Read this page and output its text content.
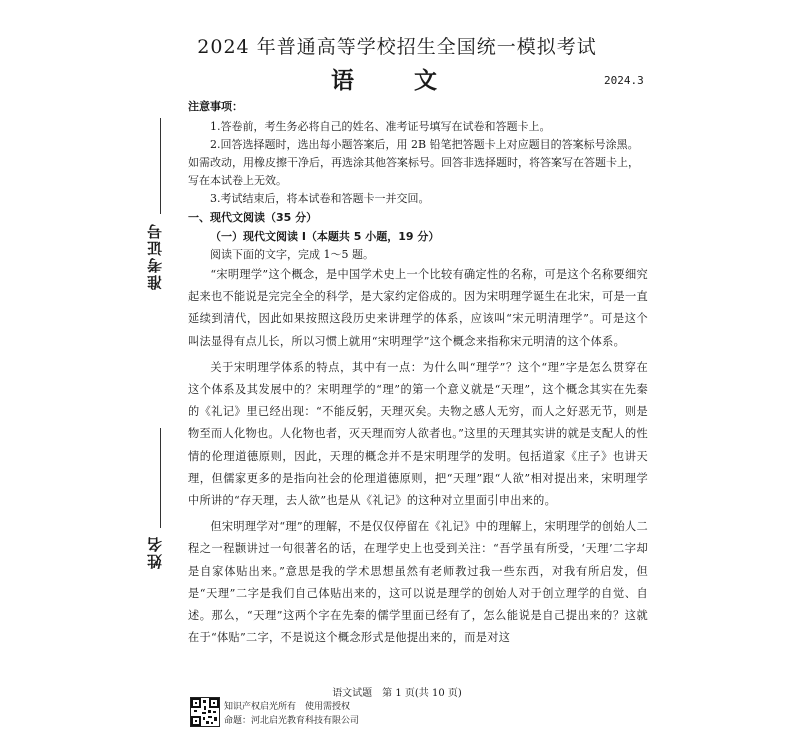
准考证号
姓名
2024 年普通高等学校招生全国统一模拟考试
语 文	2024.3

注意事项：

1.答卷前，考生务必将自己的姓名、准考证号填写在试卷和答题卡上。

2.回答选择题时，选出每小题答案后，用 2B 铅笔把答题卡上对应题目的答案标号涂黑。如需改动，用橡皮擦干净后，再选涂其他答案标号。回答非选择题时，将答案写在答题卡上，写在本试卷上无效。

3.考试结束后，将本试卷和答题卡一并交回。

一、现代文阅读（35 分）

（一）现代文阅读 Ⅰ（本题共 5 小题，19 分）

阅读下面的文字，完成 1～5 题。

“宋明理学”这个概念，是中国学术史上一个比较有确定性的名称，可是这个名称要细究起来也不能说是完完全全的科学，是大家约定俗成的。因为宋明理学诞生在北宋，可是一直延续到清代，因此如果按照这段历史来讲理学的体系，应该叫“宋元明清理学”。可是这个叫法显得有点儿长，所以习惯上就用“宋明理学”这个概念来指称宋元明清的这个体系。

关于宋明理学体系的特点，其中有一点：为什么叫“理学”？这个“理”字是怎么贯穿在这个体系及其发展中的？宋明理学的“理”的第一个意义就是“天理”，这个概念其实在先秦的《礼记》里已经出现：“不能反躬，天理灭矣。夫物之感人无穷，而人之好恶无节，则是物至而人化物也。人化物也者，灭天理而穷人欲者也。”这里的天理其实讲的就是支配人的性情的伦理道德原则，因此，天理的概念并不是宋明理学的发明。包括道家《庄子》也讲天理，但儒家更多的是指向社会的伦理道德原则，把“天理”跟“人欲”相对提出来，宋明理学中所讲的“存天理，去人欲”也是从《礼记》的这种对立里面引申出来的。

但宋明理学对“理”的理解，不是仅仅停留在《礼记》中的理解上，宋明理学的创始人二程之一程颢讲过一句很著名的话，在理学史上也受到关注：“吾学虽有所受，‘天理’二字却是自家体贴出来。”意思是我的学术思想虽然有老师教过我一些东西，对我有所启发，但是“天理”二字是我们自己体贴出来的，这可以说是理学的创始人对于创立理学的自觉、自述。那么，“天理”这两个字在先秦的儒学里面已经有了，怎么能说是自己提出来的？这就在于“体贴”二字，不是说这个概念形式是他提出来的，而是对这

语文试题　第 1 页(共 10 页)
知识产权启光所有　使用需授权
命题：河北启光教育科技有限公司
